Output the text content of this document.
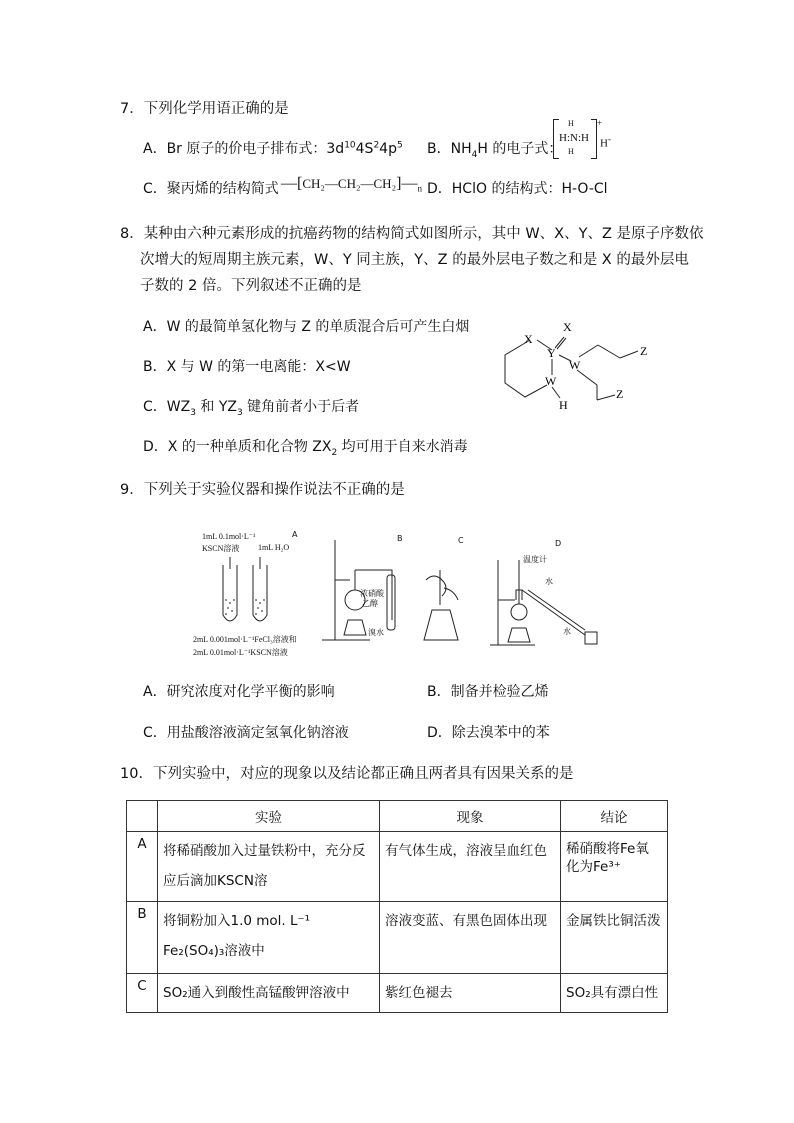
7．下列化学用语正确的是
A．Br 原子的价电子排布式：$3d^{10}4S^24p^5$ B．$NH_4H$ 的电子式：
H
H:N:H
H
+
H-
C．聚丙烯的结构简式 $—[CH_2—CH_2—CH_2]—_n$ D．HClO 的结构式：H-O-Cl
8．某种由六种元素形成的抗癌药物的结构简式如图所示，其中 W、X、Y、Z 是原子序数依
次增大的短周期主族元素，W、Y 同主族，Y、Z 的最外层电子数之和是 X 的最外层电
子数的 2 倍。下列叙述不正确的是
A．W 的最简单氢化物与 Z 的单质混合后可产生白烟
B．X 与 W 的第一电离能：X<W
C．$WZ_3$ 和 $YZ_3$ 键角前者小于后者
D．X 的一种单质和化合物 $ZX_2$ 均可用于自来水消毒
X
Y
X
W
W
H
Z
Z
9．下列关于实验仪器和操作说法不正确的是
1mL 0.1mol·L⁻¹
KSCN溶液 1mL H₂O
A
2mL 0.001mol·L⁻¹FeCl₃溶液和
2mL 0.01mol·L⁻¹KSCN溶液
B
浓硝酸
乙醇
溴水
C	D
温度计
水
水
A．研究浓度对化学平衡的影响	B．制备并检验乙烯
C．用盐酸溶液滴定氢氧化钠溶液	D．除去溴苯中的苯
10．下列实验中，对应的现象以及结论都正确且两者具有因果关系的是
	实验	现象	结论
A	将稀硝酸加入过量铁粉中，充分反应后滴加KSCN溶	有气体生成，溶液呈血红色	稀硝酸将Fe氧化为Fe³⁺
B	将铜粉加入1.0 mol. L⁻¹ Fe₂(SO₄)₃溶液中	溶液变蓝、有黑色固体出现	金属铁比铜活泼
C	SO₂通入到酸性高锰酸钾溶液中	紫红色褪去	SO₂具有漂白性
